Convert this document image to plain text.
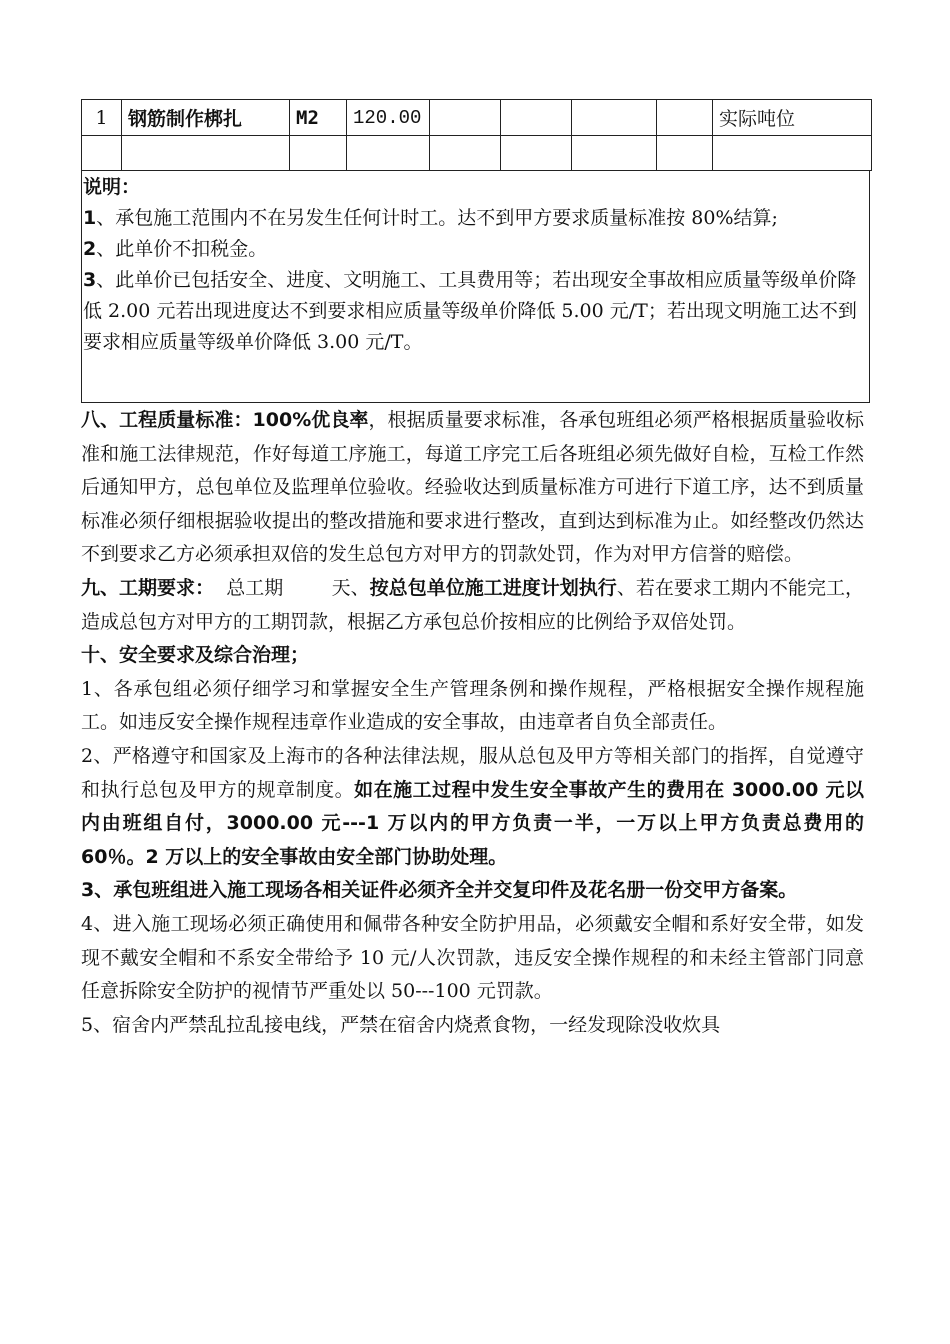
1	钢筋制作梆扎	M2	120.00					实际吨位

说明：

1、承包施工范围内不在另发生任何计时工。达不到甲方要求质量标准按 80%结算;

2、此单价不扣税金。

3、此单价已包括安全、进度、文明施工、工具费用等；若出现安全事故相应质量等级单价降低 2.00 元若出现进度达不到要求相应质量等级单价降低 5.00 元/T；若出现文明施工达不到要求相应质量等级单价降低 3.00 元/T。

八、工程质量标准：100%优良率，根据质量要求标准，各承包班组必须严格根据质量验收标准和施工法律规范，作好每道工序施工，每道工序完工后各班组必须先做好自检，互检工作然后通知甲方，总包单位及监理单位验收。经验收达到质量标准方可进行下道工序，达不到质量标准必须仔细根据验收提出的整改措施和要求进行整改，直到达到标准为止。如经整改仍然达不到要求乙方必须承担双倍的发生总包方对甲方的罚款处罚，作为对甲方信誉的赔偿。

九、工期要求：  总工期        天、按总包单位施工进度计划执行、若在要求工期内不能完工，造成总包方对甲方的工期罚款，根据乙方承包总价按相应的比例给予双倍处罚。

十、安全要求及综合治理；

1、各承包组必须仔细学习和掌握安全生产管理条例和操作规程，严格根据安全操作规程施工。如违反安全操作规程违章作业造成的安全事故，由违章者自负全部责任。

2、严格遵守和国家及上海市的各种法律法规，服从总包及甲方等相关部门的指挥，自觉遵守和执行总包及甲方的规章制度。如在施工过程中发生安全事故产生的费用在 3000.00 元以内由班组自付，3000.00 元---1 万以内的甲方负责一半，一万以上甲方负责总费用的 60％。2 万以上的安全事故由安全部门协助处理。

3、承包班组进入施工现场各相关证件必须齐全并交复印件及花名册一份交甲方备案。

4、进入施工现场必须正确使用和佩带各种安全防护用品，必须戴安全帽和系好安全带，如发现不戴安全帽和不系安全带给予 10 元/人次罚款，违反安全操作规程的和未经主管部门同意任意拆除安全防护的视情节严重处以 50---100 元罚款。

5、宿舍内严禁乱拉乱接电线，严禁在宿舍内烧煮食物，一经发现除没收炊具
